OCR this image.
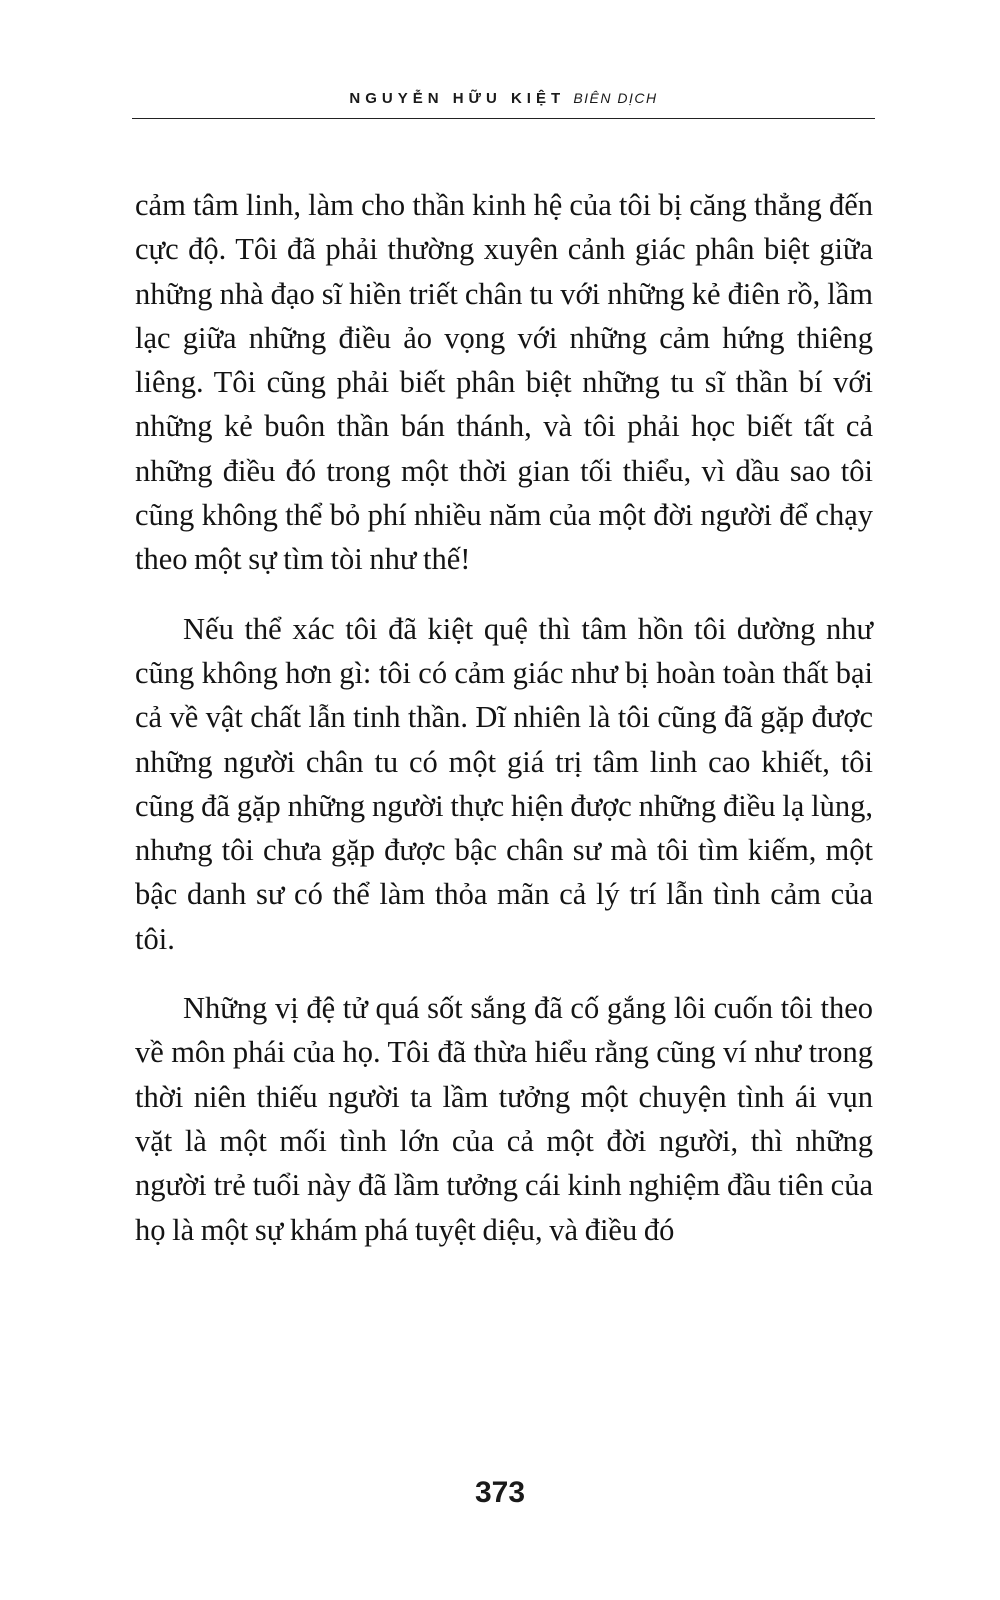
NGUYỄN HỮU KIỆT BIÊN DỊCH

cảm tâm linh, làm cho thần kinh hệ của tôi bị căng thẳng đến cực độ. Tôi đã phải thường xuyên cảnh giác phân biệt giữa những nhà đạo sĩ hiền triết chân tu với những kẻ điên rồ, lầm lạc giữa những điều ảo vọng với những cảm hứng thiêng liêng. Tôi cũng phải biết phân biệt những tu sĩ thần bí với những kẻ buôn thần bán thánh, và tôi phải học biết tất cả những điều đó trong một thời gian tối thiểu, vì dầu sao tôi cũng không thể bỏ phí nhiều năm của một đời người để chạy theo một sự tìm tòi như thế!

Nếu thể xác tôi đã kiệt quệ thì tâm hồn tôi dường như cũng không hơn gì: tôi có cảm giác như bị hoàn toàn thất bại cả về vật chất lẫn tinh thần. Dĩ nhiên là tôi cũng đã gặp được những người chân tu có một giá trị tâm linh cao khiết, tôi cũng đã gặp những người thực hiện được những điều lạ lùng, nhưng tôi chưa gặp được bậc chân sư mà tôi tìm kiếm, một bậc danh sư có thể làm thỏa mãn cả lý trí lẫn tình cảm của tôi.

Những vị đệ tử quá sốt sắng đã cố gắng lôi cuốn tôi theo về môn phái của họ. Tôi đã thừa hiểu rằng cũng ví như trong thời niên thiếu người ta lầm tưởng một chuyện tình ái vụn vặt là một mối tình lớn của cả một đời người, thì những người trẻ tuổi này đã lầm tưởng cái kinh nghiệm đầu tiên của họ là một sự khám phá tuyệt diệu, và điều đó

373
